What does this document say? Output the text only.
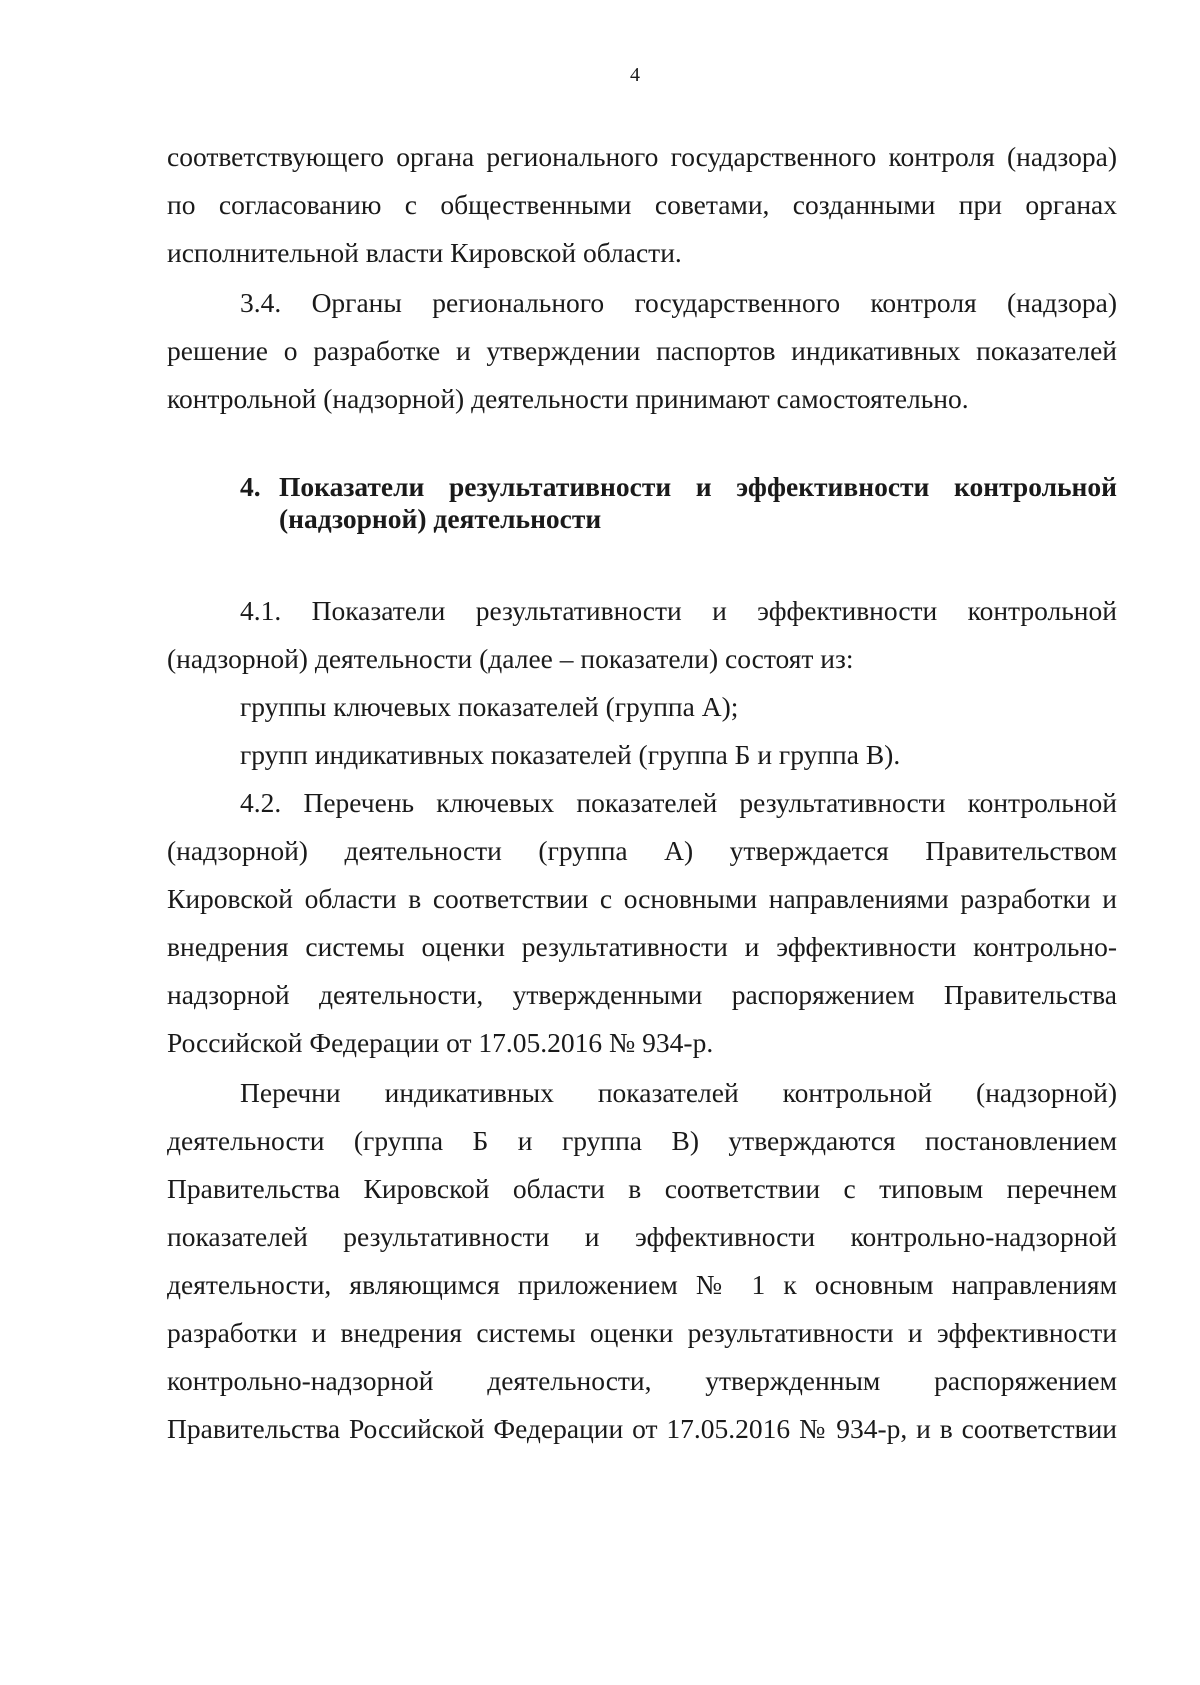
4
соответствующего органа регионального государственного контроля (надзора)
по согласованию с общественными советами, созданными при органах
исполнительной власти Кировской области.
3.4. Органы регионального государственного контроля (надзора)
решение о разработке и утверждении паспортов индикативных показателей
контрольной (надзорной) деятельности принимают самостоятельно.
4. Показатели результативности и эффективности контрольной
(надзорной) деятельности
4.1. Показатели результативности и эффективности контрольной
(надзорной) деятельности (далее – показатели) состоят из:
группы ключевых показателей (группа А);
групп индикативных показателей (группа Б и группа В).
4.2. Перечень ключевых показателей результативности контрольной
(надзорной) деятельности (группа А) утверждается Правительством
Кировской области в соответствии с основными направлениями разработки и
внедрения системы оценки результативности и эффективности контрольно-
надзорной деятельности, утвержденными распоряжением Правительства
Российской Федерации от 17.05.2016 № 934-р.
Перечни индикативных показателей контрольной (надзорной)
деятельности (группа Б и группа В) утверждаются постановлением
Правительства Кировской области в соответствии с типовым перечнем
показателей результативности и эффективности контрольно-надзорной
деятельности, являющимся приложением № 1 к основным направлениям
разработки и внедрения системы оценки результативности и эффективности
контрольно-надзорной деятельности, утвержденным распоряжением
Правительства Российской Федерации от 17.05.2016 № 934-р, и в соответствии
